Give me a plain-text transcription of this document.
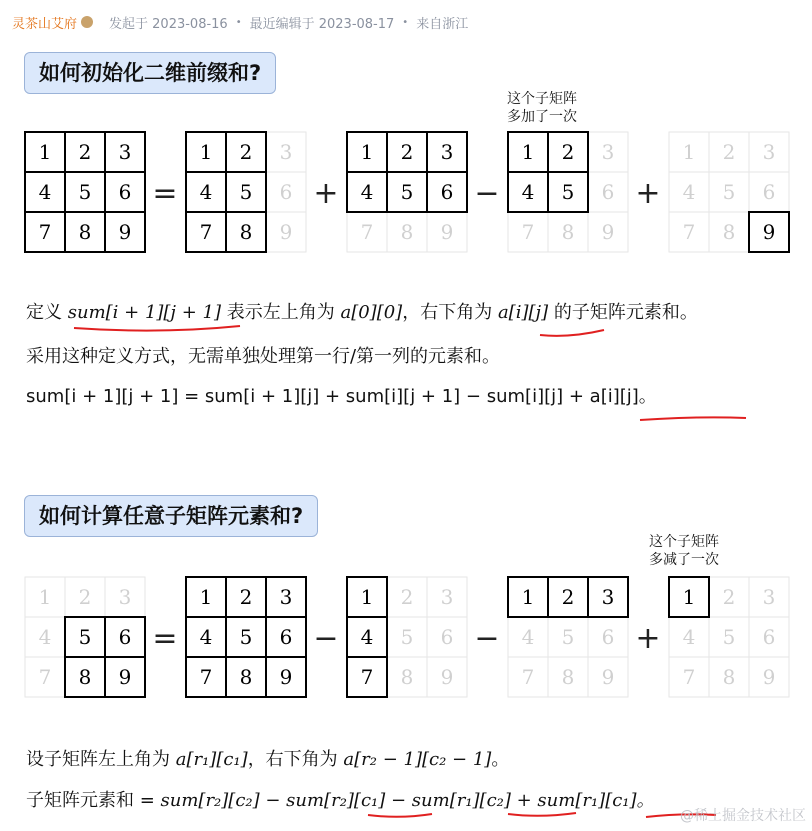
灵茶山艾府 发起于 2023-08-16 • 最近编辑于 2023-08-17 • 来自浙江
如何初始化二维前缀和?
这个子矩阵
多加了一次
1 2 3
4 5 6
7 8 9
=
1 2 3
4 5 6
7 8 9
+
1 2 3
4 5 6
7 8 9
−
1 2 3
4 5 6
7 8 9
+
1 2 3
4 5 6
7 8 9
定义 sum[i + 1][j + 1] 表示左上角为 a[0][0]，右下角为 a[i][j] 的子矩阵元素和。
采用这种定义方式，无需单独处理第一行/第一列的元素和。
sum[i + 1][j + 1] = sum[i + 1][j] + sum[i][j + 1] − sum[i][j] + a[i][j]。
如何计算任意子矩阵元素和?
这个子矩阵
多减了一次
1 2 3
4 5 6
7 8 9
=
1 2 3
4 5 6
7 8 9
−
1 2 3
4 5 6
7 8 9
−
1 2 3
4 5 6
7 8 9
+
1 2 3
4 5 6
7 8 9
设子矩阵左上角为 a[r₁][c₁]，右下角为 a[r₂ − 1][c₂ − 1]。
子矩阵元素和 = sum[r₂][c₂] − sum[r₂][c₁] − sum[r₁][c₂] + sum[r₁][c₁]。
@稀土掘金技术社区
